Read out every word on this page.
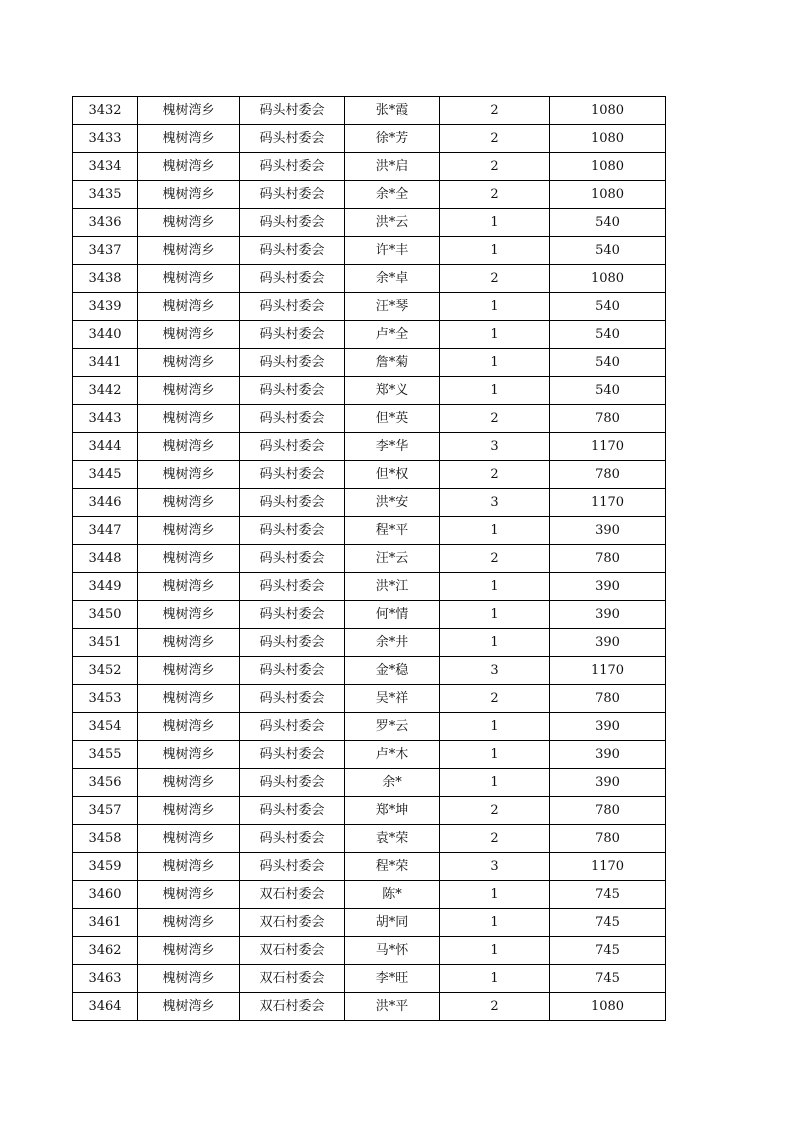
3432	槐树湾乡	码头村委会	张*霞	2	1080
3433	槐树湾乡	码头村委会	徐*芳	2	1080
3434	槐树湾乡	码头村委会	洪*启	2	1080
3435	槐树湾乡	码头村委会	余*全	2	1080
3436	槐树湾乡	码头村委会	洪*云	1	540
3437	槐树湾乡	码头村委会	许*丰	1	540
3438	槐树湾乡	码头村委会	余*卓	2	1080
3439	槐树湾乡	码头村委会	汪*琴	1	540
3440	槐树湾乡	码头村委会	卢*全	1	540
3441	槐树湾乡	码头村委会	詹*菊	1	540
3442	槐树湾乡	码头村委会	郑*义	1	540
3443	槐树湾乡	码头村委会	但*英	2	780
3444	槐树湾乡	码头村委会	李*华	3	1170
3445	槐树湾乡	码头村委会	但*权	2	780
3446	槐树湾乡	码头村委会	洪*安	3	1170
3447	槐树湾乡	码头村委会	程*平	1	390
3448	槐树湾乡	码头村委会	汪*云	2	780
3449	槐树湾乡	码头村委会	洪*江	1	390
3450	槐树湾乡	码头村委会	何*情	1	390
3451	槐树湾乡	码头村委会	余*井	1	390
3452	槐树湾乡	码头村委会	金*稳	3	1170
3453	槐树湾乡	码头村委会	吴*祥	2	780
3454	槐树湾乡	码头村委会	罗*云	1	390
3455	槐树湾乡	码头村委会	卢*木	1	390
3456	槐树湾乡	码头村委会	余*	1	390
3457	槐树湾乡	码头村委会	郑*坤	2	780
3458	槐树湾乡	码头村委会	袁*荣	2	780
3459	槐树湾乡	码头村委会	程*荣	3	1170
3460	槐树湾乡	双石村委会	陈*	1	745
3461	槐树湾乡	双石村委会	胡*同	1	745
3462	槐树湾乡	双石村委会	马*怀	1	745
3463	槐树湾乡	双石村委会	李*旺	1	745
3464	槐树湾乡	双石村委会	洪*平	2	1080
